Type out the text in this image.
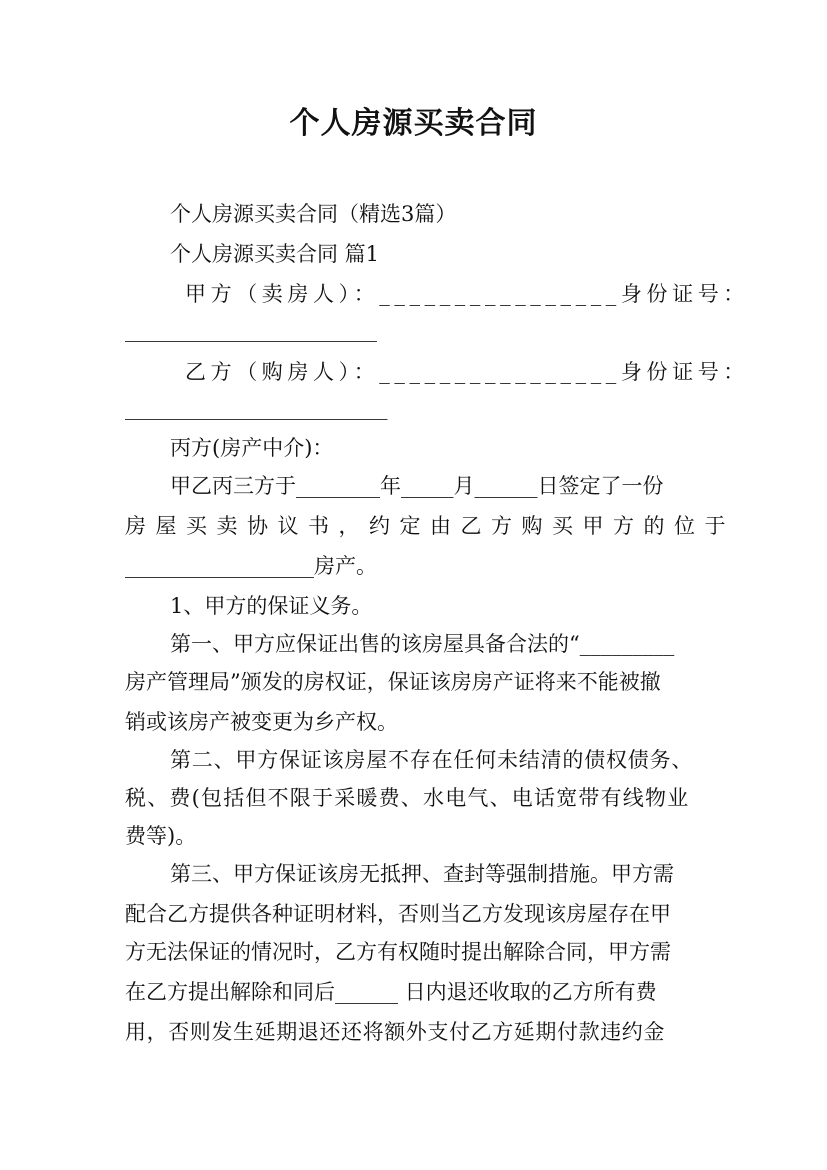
个人房源买卖合同
个人房源买卖合同（精选3篇）
个人房源买卖合同 篇1
甲方（卖房人）：________________身份证号：
________________________
乙方（购房人）：________________身份证号：
_________________________
丙方(房产中介)：
甲乙丙三方于________年_____月______日签定了一份
房屋买卖协议书，约定由乙方购买甲方的位于
__________________房产。
1、甲方的保证义务。
第一、甲方应保证出售的该房屋具备合法的“_________
房产管理局”颁发的房权证，保证该房房产证将来不能被撤
销或该房产被变更为乡产权。
第二、甲方保证该房屋不存在任何未结清的债权债务、
税、费(包括但不限于采暖费、水电气、电话宽带有线物业
费等)。
第三、甲方保证该房无抵押、查封等强制措施。甲方需
配合乙方提供各种证明材料，否则当乙方发现该房屋存在甲
方无法保证的情况时，乙方有权随时提出解除合同，甲方需
在乙方提出解除和同后______ 日内退还收取的乙方所有费
用，否则发生延期退还还将额外支付乙方延期付款违约金
